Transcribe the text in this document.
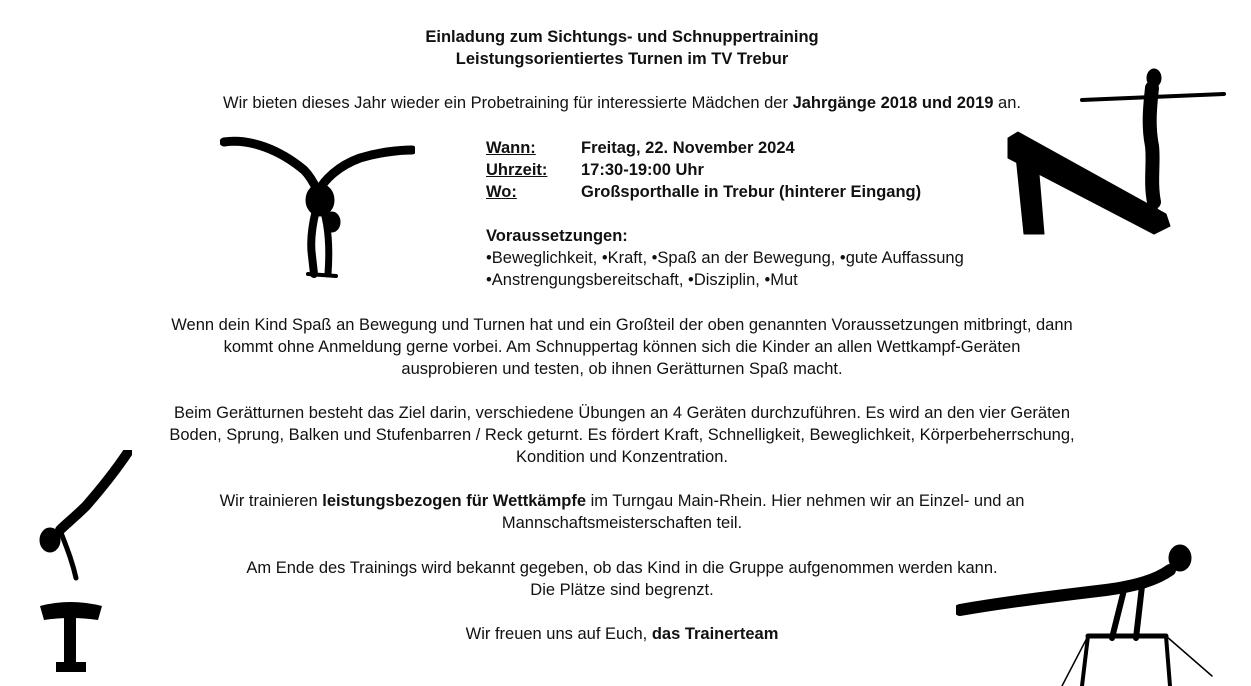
Einladung zum Sichtungs- und Schnuppertraining
Leistungsorientiertes Turnen im TV Trebur
Wir bieten dieses Jahr wieder ein Probetraining für interessierte Mädchen der Jahrgänge 2018 und 2019 an.
Wann:	Freitag, 22. November 2024
Uhrzeit:	17:30-19:00 Uhr
Wo:	Großsporthalle in Trebur (hinterer Eingang)
Voraussetzungen:
•Beweglichkeit, •Kraft, •Spaß an der Bewegung, •gute Auffassung
•Anstrengungsbereitschaft, •Disziplin, •Mut
Wenn dein Kind Spaß an Bewegung und Turnen hat und ein Großteil der oben genannten Voraussetzungen mitbringt, dann
kommt ohne Anmeldung gerne vorbei. Am Schnuppertag können sich die Kinder an allen Wettkampf-Geräten
ausprobieren und testen, ob ihnen Gerätturnen Spaß macht.
Beim Gerätturnen besteht das Ziel darin, verschiedene Übungen an 4 Geräten durchzuführen. Es wird an den vier Geräten
Boden, Sprung, Balken und Stufenbarren / Reck geturnt. Es fördert Kraft, Schnelligkeit, Beweglichkeit, Körperbeherrschung,
Kondition und Konzentration.
Wir trainieren leistungsbezogen für Wettkämpfe im Turngau Main-Rhein. Hier nehmen wir an Einzel- und an
Mannschaftsmeisterschaften teil.
Am Ende des Trainings wird bekannt gegeben, ob das Kind in die Gruppe aufgenommen werden kann.
Die Plätze sind begrenzt.
Wir freuen uns auf Euch, das Trainerteam
